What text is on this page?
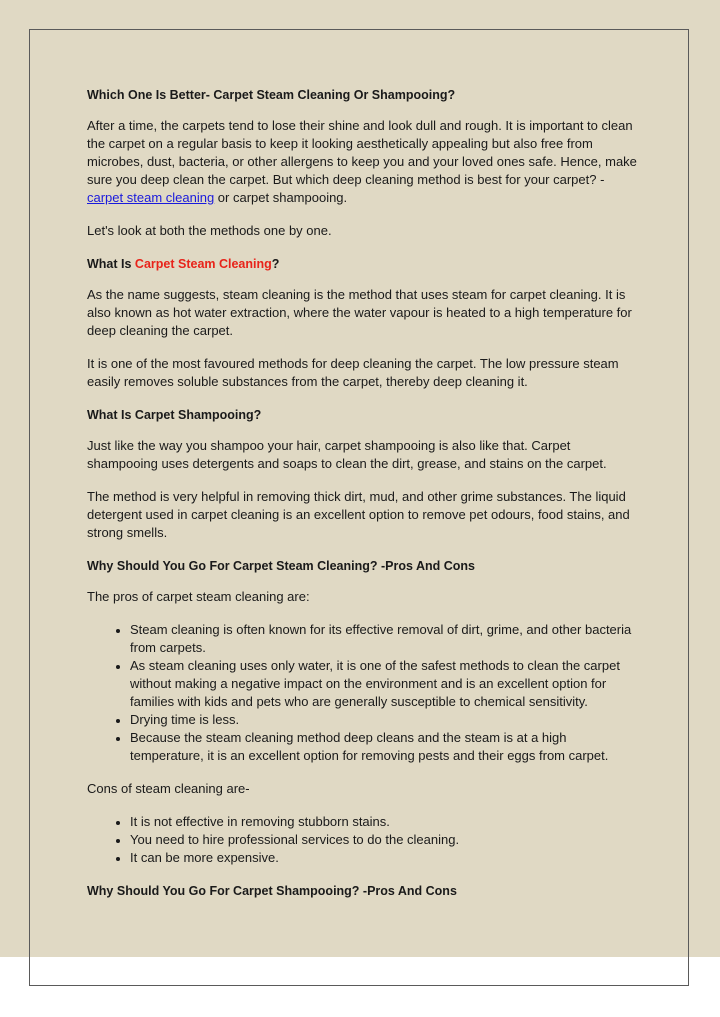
Which One Is Better- Carpet Steam Cleaning Or Shampooing?

After a time, the carpets tend to lose their shine and look dull and rough. It is important to clean the carpet on a regular basis to keep it looking aesthetically appealing but also free from microbes, dust, bacteria, or other allergens to keep you and your loved ones safe. Hence, make sure you deep clean the carpet. But which deep cleaning method is best for your carpet? - carpet steam cleaning or carpet shampooing.

Let's look at both the methods one by one.

What Is Carpet Steam Cleaning?

As the name suggests, steam cleaning is the method that uses steam for carpet cleaning. It is also known as hot water extraction, where the water vapour is heated to a high temperature for deep cleaning the carpet.

It is one of the most favoured methods for deep cleaning the carpet. The low pressure steam easily removes soluble substances from the carpet, thereby deep cleaning it.

What Is Carpet Shampooing?

Just like the way you shampoo your hair, carpet shampooing is also like that. Carpet shampooing uses detergents and soaps to clean the dirt, grease, and stains on the carpet.

The method is very helpful in removing thick dirt, mud, and other grime substances. The liquid detergent used in carpet cleaning is an excellent option to remove pet odours, food stains, and strong smells.

Why Should You Go For Carpet Steam Cleaning? -Pros And Cons

The pros of carpet steam cleaning are:

• Steam cleaning is often known for its effective removal of dirt, grime, and other bacteria from carpets.
• As steam cleaning uses only water, it is one of the safest methods to clean the carpet without making a negative impact on the environment and is an excellent option for families with kids and pets who are generally susceptible to chemical sensitivity.
• Drying time is less.
• Because the steam cleaning method deep cleans and the steam is at a high temperature, it is an excellent option for removing pests and their eggs from carpet.

Cons of steam cleaning are-

• It is not effective in removing stubborn stains.
• You need to hire professional services to do the cleaning.
• It can be more expensive.
Why Should You Go For Carpet Shampooing? -Pros And Cons
